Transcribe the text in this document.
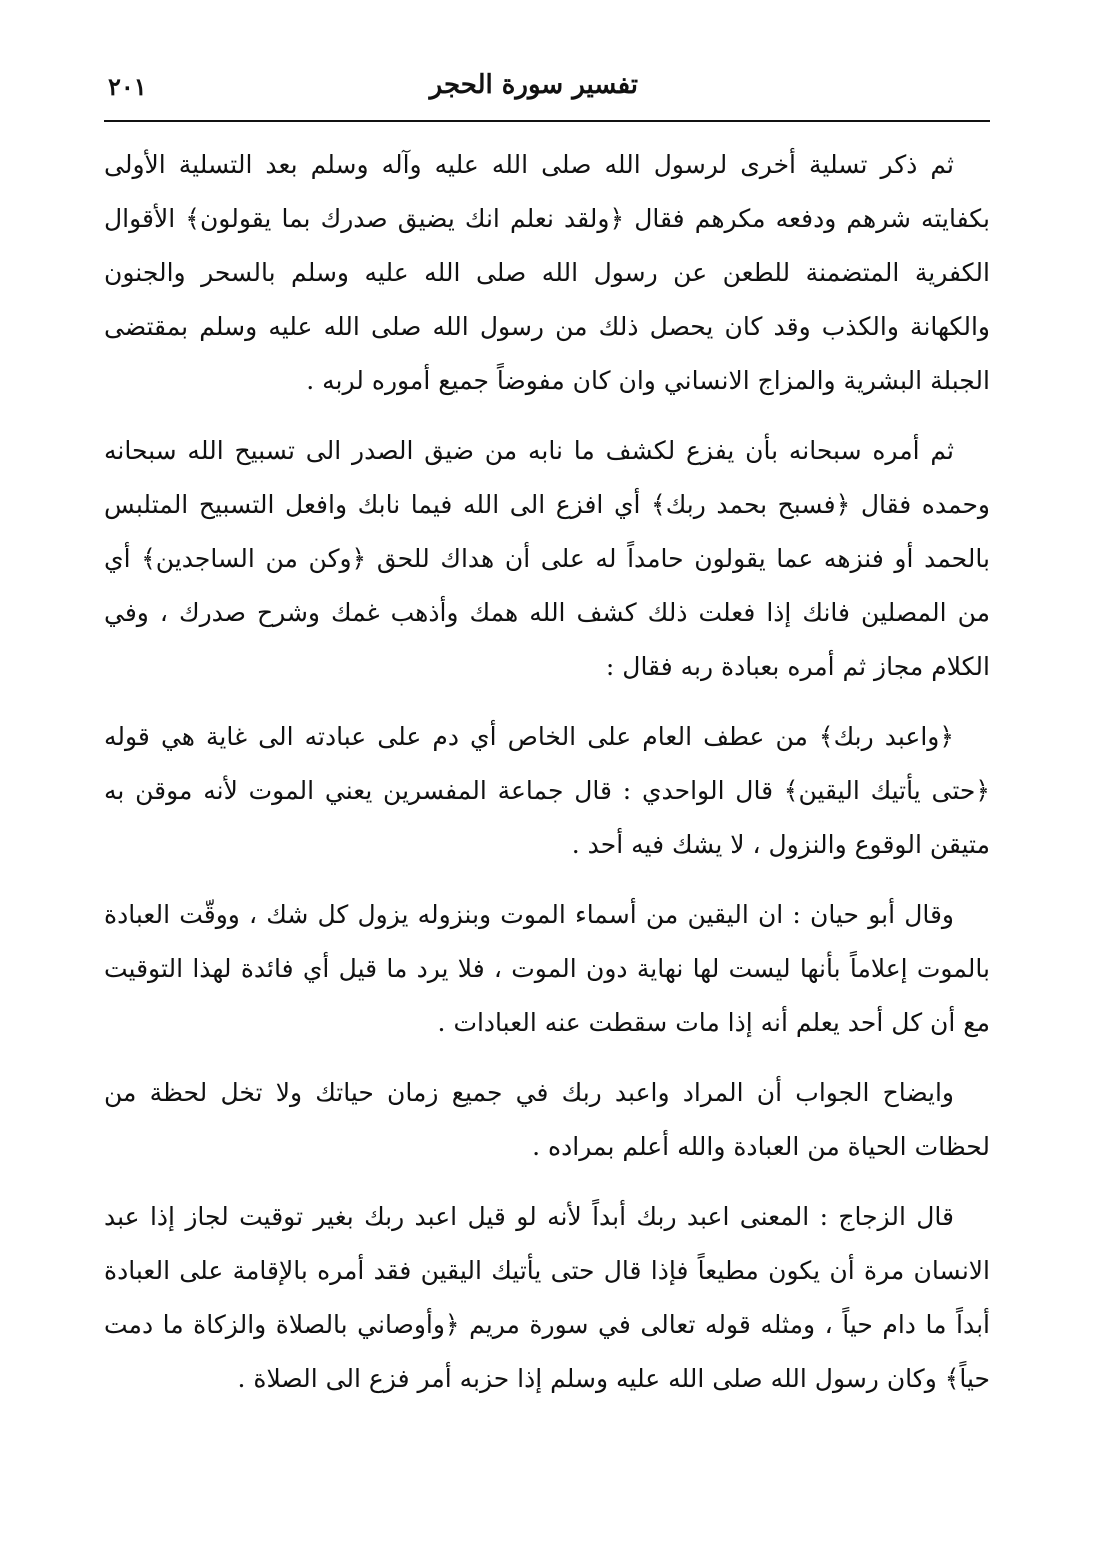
تفسير سورة الحجر
٢٠١

ثم ذكر تسلية أخرى لرسول الله صلى الله عليه وآله وسلم بعد التسلية الأولى بكفايته شرهم ودفعه مكرهم فقال ﴿ولقد نعلم انك يضيق صدرك بما يقولون﴾ الأقوال الكفرية المتضمنة للطعن عن رسول الله صلى الله عليه وسلم بالسحر والجنون والكهانة والكذب وقد كان يحصل ذلك من رسول الله صلى الله عليه وسلم بمقتضى الجبلة البشرية والمزاج الانساني وان كان مفوضاً جميع أموره لربه .

ثم أمره سبحانه بأن يفزع لكشف ما نابه من ضيق الصدر الى تسبيح الله سبحانه وحمده فقال ﴿فسبح بحمد ربك﴾ أي افزع الى الله فيما نابك وافعل التسبيح المتلبس بالحمد أو فنزهه عما يقولون حامداً له على أن هداك للحق ﴿وكن من الساجدين﴾ أي من المصلين فانك إذا فعلت ذلك كشف الله همك وأذهب غمك وشرح صدرك ، وفي الكلام مجاز ثم أمره بعبادة ربه فقال :

﴿واعبد ربك﴾ من عطف العام على الخاص أي دم على عبادته الى غاية هي قوله ﴿حتى يأتيك اليقين﴾ قال الواحدي : قال جماعة المفسرين يعني الموت لأنه موقن به متيقن الوقوع والنزول ، لا يشك فيه أحد .

وقال أبو حيان : ان اليقين من أسماء الموت وبنزوله يزول كل شك ، ووقّت العبادة بالموت إعلاماً بأنها ليست لها نهاية دون الموت ، فلا يرد ما قيل أي فائدة لهذا التوقيت مع أن كل أحد يعلم أنه إذا مات سقطت عنه العبادات .

وايضاح الجواب أن المراد واعبد ربك في جميع زمان حياتك ولا تخل لحظة من لحظات الحياة من العبادة والله أعلم بمراده .

قال الزجاج : المعنى اعبد ربك أبداً لأنه لو قيل اعبد ربك بغير توقيت لجاز إذا عبد الانسان مرة أن يكون مطيعاً فإذا قال حتى يأتيك اليقين فقد أمره بالإقامة على العبادة أبداً ما دام حياً ، ومثله قوله تعالى في سورة مريم ﴿وأوصاني بالصلاة والزكاة ما دمت حياً﴾ وكان رسول الله صلى الله عليه وسلم إذا حزبه أمر فزع الى الصلاة .
